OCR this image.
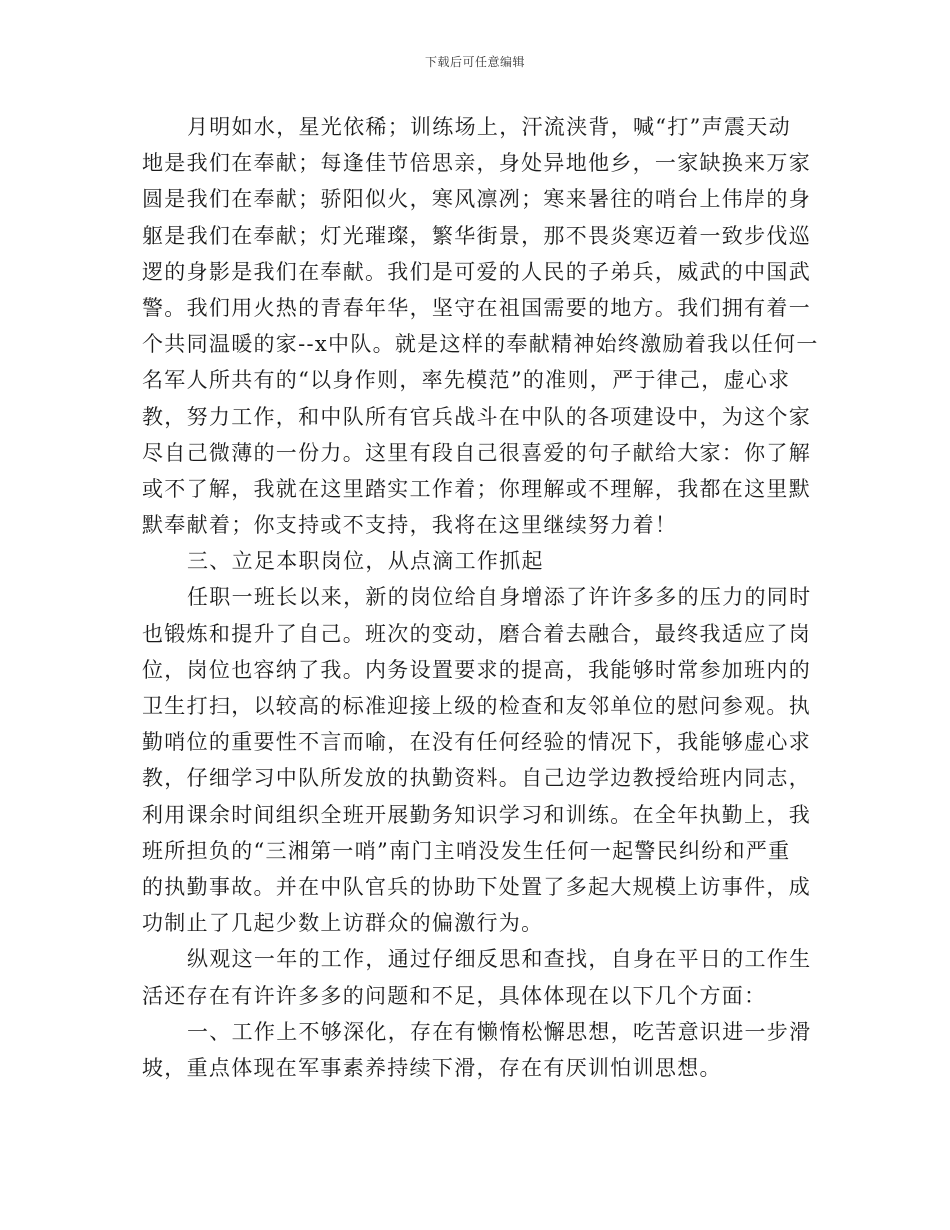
下载后可任意编辑
月明如水，星光依稀；训练场上，汗流浃背，喊“打”声震天动
地是我们在奉献；每逢佳节倍思亲，身处异地他乡，一家缺换来万家
圆是我们在奉献；骄阳似火，寒风凛冽；寒来暑往的哨台上伟岸的身
躯是我们在奉献；灯光璀璨，繁华街景，那不畏炎寒迈着一致步伐巡
逻的身影是我们在奉献。我们是可爱的人民的子弟兵，威武的中国武
警。我们用火热的青春年华，坚守在祖国需要的地方。我们拥有着一
个共同温暖的家--x中队。就是这样的奉献精神始终激励着我以任何一
名军人所共有的“以身作则，率先模范”的准则，严于律己，虚心求
教，努力工作，和中队所有官兵战斗在中队的各项建设中，为这个家
尽自己微薄的一份力。这里有段自己很喜爱的句子献给大家：你了解
或不了解，我就在这里踏实工作着；你理解或不理解，我都在这里默
默奉献着；你支持或不支持，我将在这里继续努力着！
三、立足本职岗位，从点滴工作抓起
任职一班长以来，新的岗位给自身增添了许许多多的压力的同时
也锻炼和提升了自己。班次的变动，磨合着去融合，最终我适应了岗
位，岗位也容纳了我。内务设置要求的提高，我能够时常参加班内的
卫生打扫，以较高的标准迎接上级的检查和友邻单位的慰问参观。执
勤哨位的重要性不言而喻，在没有任何经验的情况下，我能够虚心求
教，仔细学习中队所发放的执勤资料。自己边学边教授给班内同志，
利用课余时间组织全班开展勤务知识学习和训练。在全年执勤上，我
班所担负的“三湘第一哨”南门主哨没发生任何一起警民纠纷和严重
的执勤事故。并在中队官兵的协助下处置了多起大规模上访事件，成
功制止了几起少数上访群众的偏激行为。
纵观这一年的工作，通过仔细反思和查找，自身在平日的工作生
活还存在有许许多多的问题和不足，具体体现在以下几个方面：
一、工作上不够深化，存在有懒惰松懈思想，吃苦意识进一步滑
坡，重点体现在军事素养持续下滑，存在有厌训怕训思想。
